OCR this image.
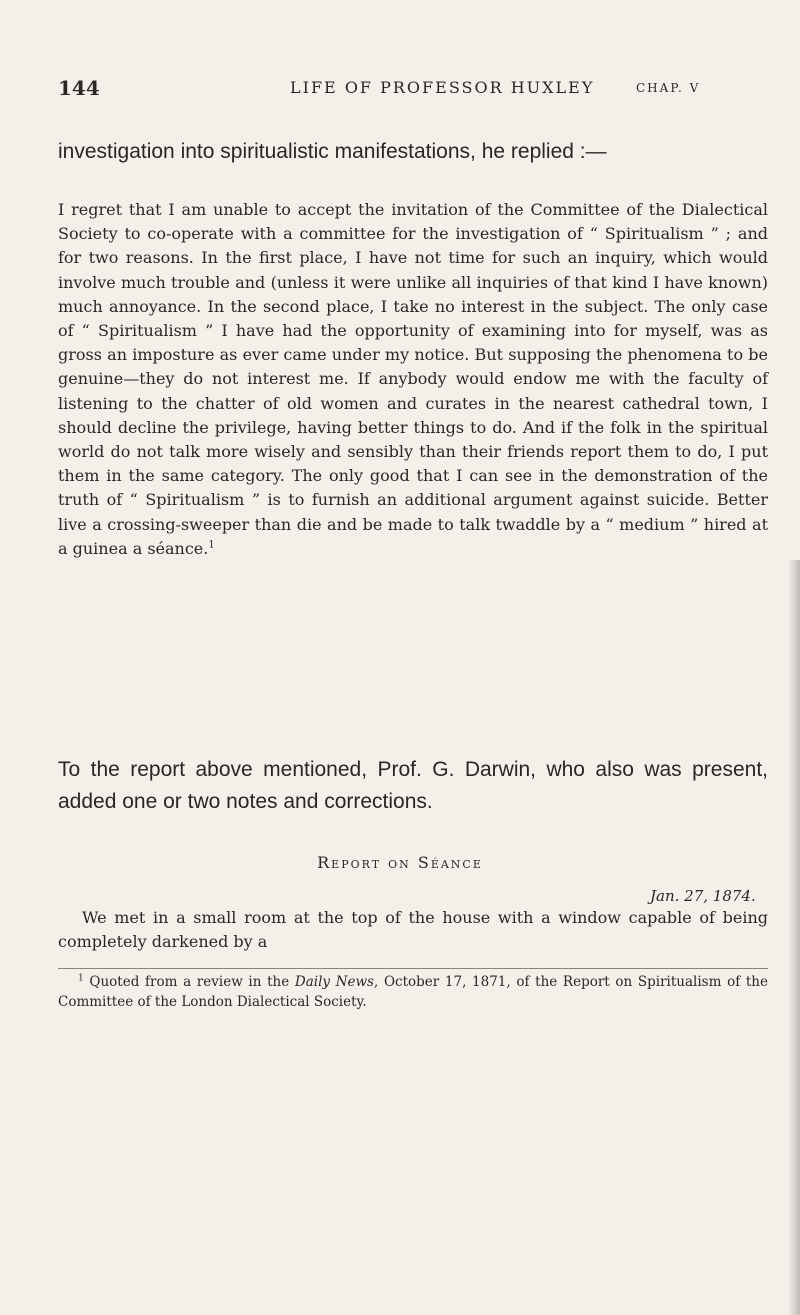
144	LIFE OF PROFESSOR HUXLEY	CHAP. V

investigation into spiritualistic manifestations, he replied :—

I regret that I am unable to accept the invitation of the Committee of the Dialectical Society to co-operate with a committee for the investigation of “ Spiritualism ” ; and for two reasons. In the first place, I have not time for such an inquiry, which would involve much trouble and (unless it were unlike all inquiries of that kind I have known) much annoyance. In the second place, I take no interest in the subject. The only case of “ Spiritualism ” I have had the opportunity of examining into for myself, was as gross an imposture as ever came under my notice. But supposing the phenomena to be genuine—they do not interest me. If anybody would endow me with the faculty of listening to the chatter of old women and curates in the nearest cathedral town, I should decline the privilege, having better things to do. And if the folk in the spiritual world do not talk more wisely and sensibly than their friends report them to do, I put them in the same category. The only good that I can see in the demonstration of the truth of “ Spiritualism ” is to furnish an additional argument against suicide. Better live a crossing-sweeper than die and be made to talk twaddle by a “ medium ” hired at a guinea a séance.$^1$

To the report above mentioned, Prof. G. Darwin, who also was present, added one or two notes and corrections.

Report on Séance
Jan. 27, 1874.

We met in a small room at the top of the house with a window capable of being completely darkened by a

$^1$ Quoted from a review in the Daily News, October 17, 1871, of the Report on Spiritualism of the Committee of the London Dialectical Society.
